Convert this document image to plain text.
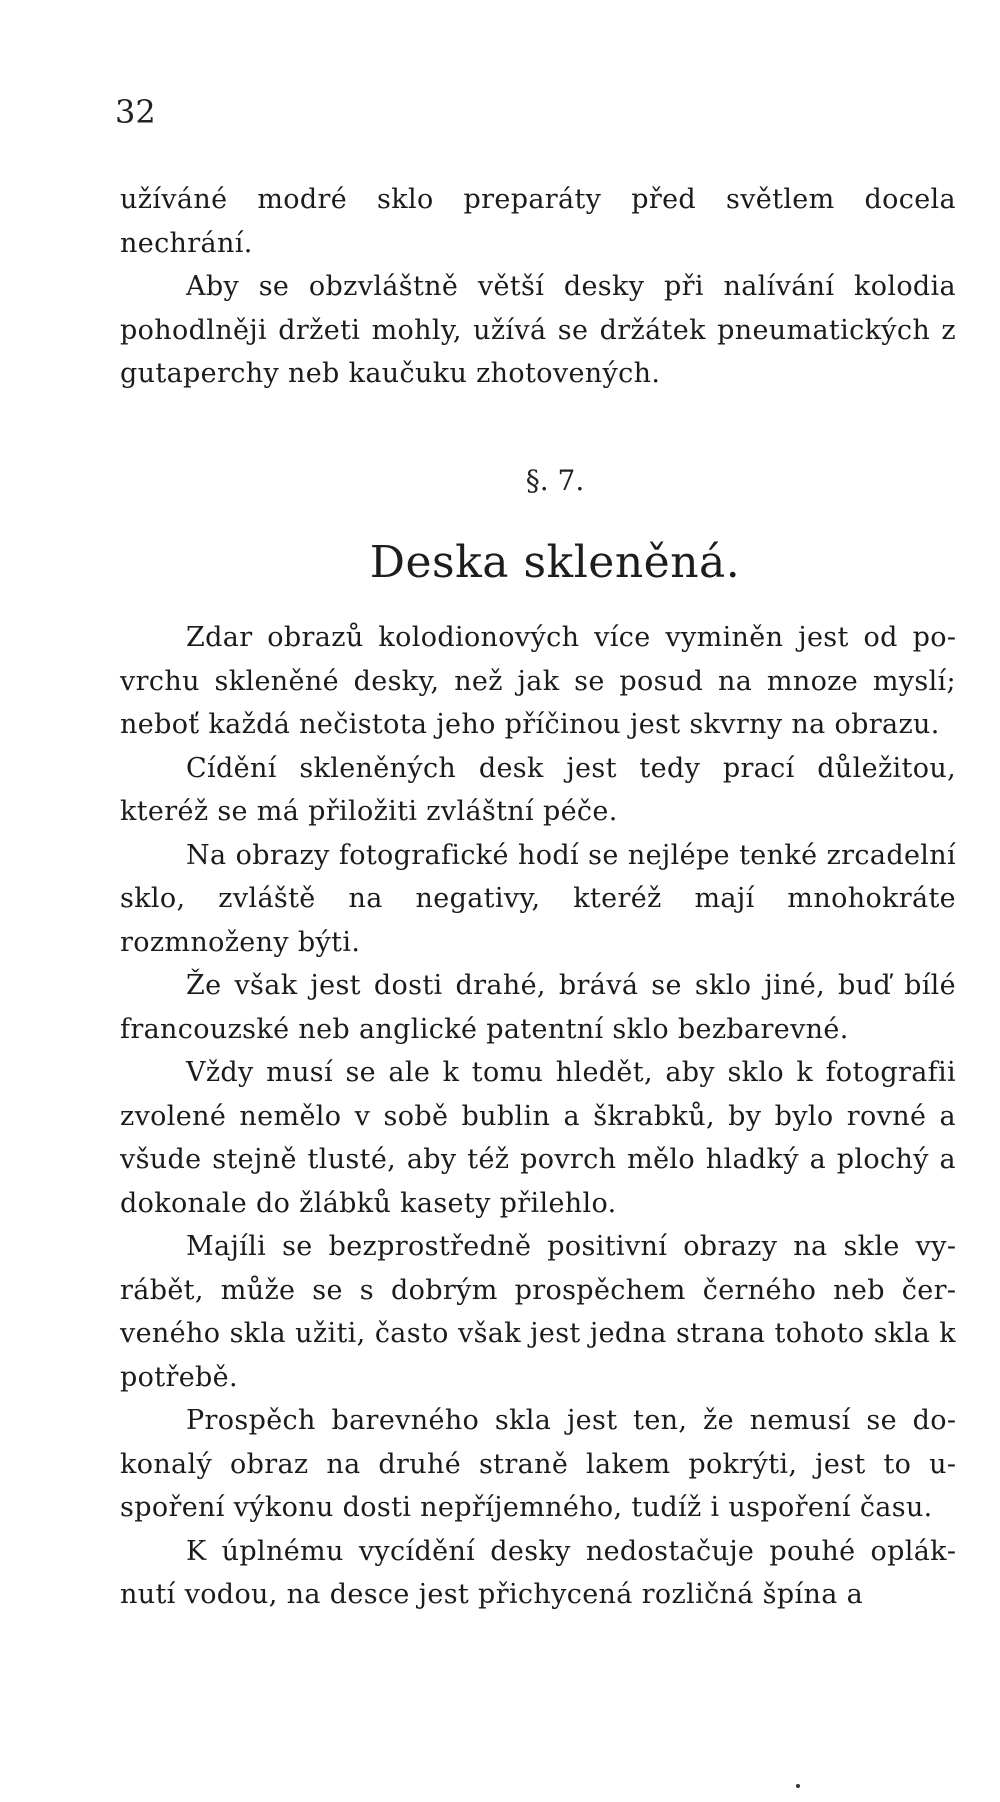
32

užíváné modré sklo preparáty před světlem docela nechrání.

Aby se obzvláštně větší desky při nalívání kolodia pohodlněji držeti mohly, užívá se držátek pneumatických z gutaperchy neb kaučuku zhotovených.

§. 7.
Deska skleněná.

Zdar obrazů kolodionových více vyminěn jest od povrchu skleněné desky, než jak se posud na mnoze myslí; neboť každá nečistota jeho příčinou jest skvrny na obrazu.

Cídění skleněných desk jest tedy prací důležitou, kteréž se má přiložiti zvláštní péče.

Na obrazy fotografické hodí se nejlépe tenké zrcadelní sklo, zvláště na negativy, kteréž mají mnohokráte rozmnoženy býti.

Že však jest dosti drahé, brává se sklo jiné, buď bílé francouzské neb anglické patentní sklo bezbarevné.

Vždy musí se ale k tomu hledět, aby sklo k fotografii zvolené nemělo v sobě bublin a škrabků, by bylo rovné a všude stejně tlusté, aby též povrch mělo hladký a plochý a dokonale do žlábků kasety přilehlo.

Majíli se bezprostředně positivní obrazy na skle vyrábět, může se s dobrým prospěchem černého neb červeného skla užiti, často však jest jedna strana tohoto skla k potřebě.

Prospěch barevného skla jest ten, že nemusí se dokonalý obraz na druhé straně lakem pokrýti, jest to uspoření výkonu dosti nepříjemného, tudíž i uspoření času.

K úplnému vycídění desky nedostačuje pouhé opláknutí vodou, na desce jest přichycená rozličná špína a
